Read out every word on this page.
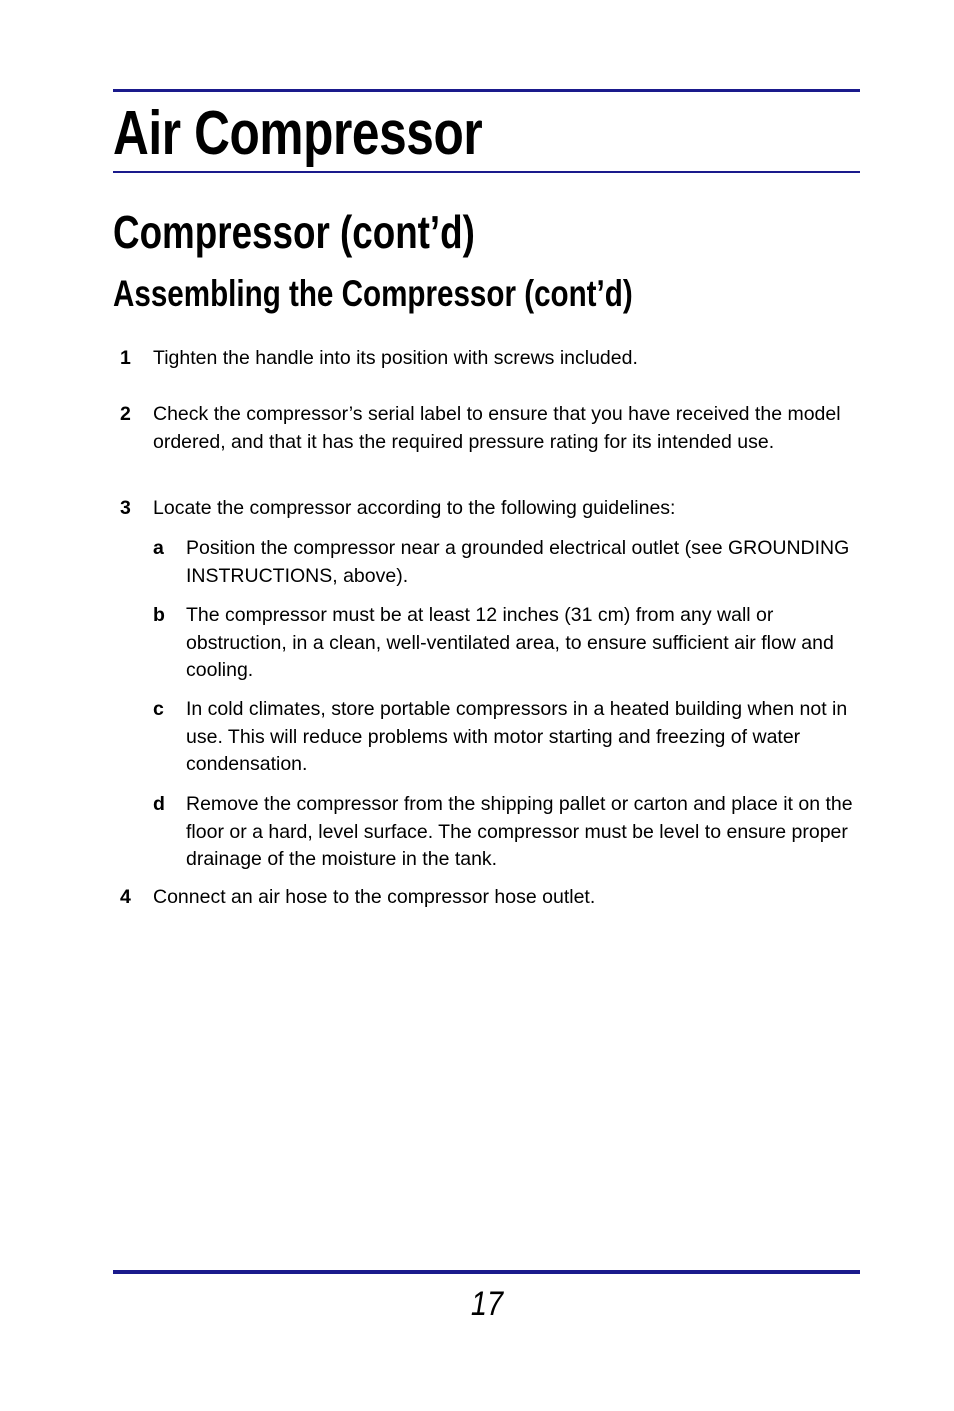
Air Compressor
Compressor (cont’d)
Assembling the Compressor (cont’d)
1 Tighten the handle into its position with screws included.
2 Check the compressor’s serial label to ensure that you have received the model ordered, and that it has the required pressure rating for its intended use.
3 Locate the compressor according to the following guidelines:
a Position the compressor near a grounded electrical outlet (see GROUNDING INSTRUCTIONS, above).
b The compressor must be at least 12 inches (31 cm) from any wall or obstruction, in a clean, well-ventilated area, to ensure sufficient air flow and cooling.
c In cold climates, store portable compressors in a heated building when not in use. This will reduce problems with motor starting and freezing of water condensation.
d Remove the compressor from the shipping pallet or carton and place it on the floor or a hard, level surface. The compressor must be level to ensure proper drainage of the moisture in the tank.
4 Connect an air hose to the compressor hose outlet.
17
